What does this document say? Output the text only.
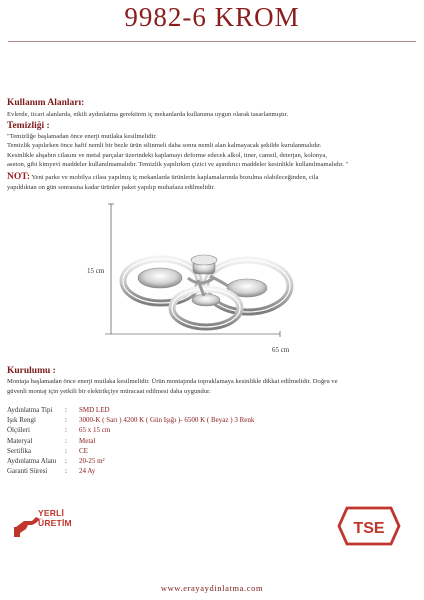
9982-6 KROM
Kullanım Alanları:
Evlerde, ticari alanlarda, etkili aydınlatma gerektiren iç mekanlarda kullanıma uygun olarak tasarlanmıştır.
Temizliği :
"Temizliğe başlamadan önce enerji mutlaka kesilmelidir.
Temizlik yapılırken önce hafif nemli bir bezle ürün silinmeli daha sonra nemli alan kalmayacak şekilde kurulanmalıdır.
Kesinlikle ahşabın cilasını ve metal parçalar üzerindeki kaplamayı deforme edecek alkol, tiner, camsil, deterjan, kolonya,
aseton, gibi kimyevi maddeler kullanılmamalıdır. Temizlik yapılırken çizici ve aşındırıcı maddeler kesinlikle kullanılmamalıdır. "
NOT: Yeni parke ve mobilya cilası yapılmış iç mekanlarda ürünlerin kaplamalarında bozulma olabileceğinden, cila
yapıldıktan on gün sonrasına kadar ürünler paket yapılıp muhafaza edilmelidir.
15 cm
65 cm
Kurulumu :
Montaja başlamadan önce enerji mutlaka kesilmelidir. Ürün montajında topraklamaya kesinlikle dikkat edilmelidir. Doğru ve
güvenli montaj için yetkili bir elektrikçiye müracaat edilmesi daha uygundur.
Aydınlatma Tipi	:	SMD LED
Işık Rengi	:	3000-K ( Sarı ) 4200 K ( Gün Işığı )- 6500 K ( Beyaz ) 3 Renk
Ölçüleri	:	65 x 15 cm
Materyal	:	Metal
Sertifika	:	CE
Aydınlatma Alanı	:	20-25 m²
Garanti Süresi	:	24 Ay
YERLİ
ÜRETİM	TSE
www.erayaydinlatma.com
